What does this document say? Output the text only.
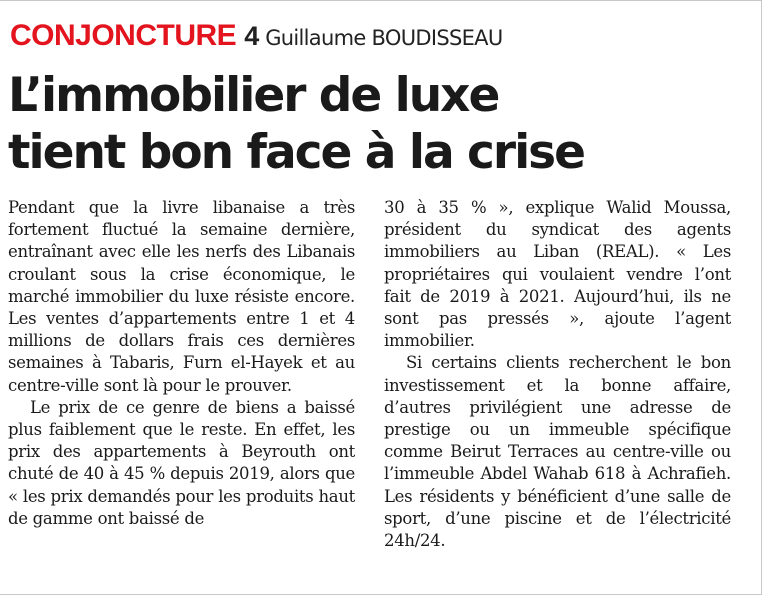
CONJONCTURE 4 Guillaume BOUDISSEAU
L’immobilier de luxe
tient bon face à la crise

Pendant que la livre libanaise a très fortement fluctué la semaine dernière, entraînant avec elle les nerfs des Libanais croulant sous la crise économique, le marché immobilier du luxe résiste encore. Les ventes d’appartements entre 1 et 4 millions de dollars frais ces dernières semaines à Tabaris, Furn el-Hayek et au centre-ville sont là pour le prouver.

Le prix de ce genre de biens a baissé plus faiblement que le reste. En effet, les prix des appartements à Beyrouth ont chuté de 40 à 45 % depuis 2019, alors que « les prix demandés pour les produits haut de gamme ont baissé de

30 à 35 % », explique Walid Moussa, président du syndicat des agents immobiliers au Liban (REAL). « Les propriétaires qui voulaient vendre l’ont fait de 2019 à 2021. Aujourd’hui, ils ne sont pas pressés », ajoute l’agent immobilier.

Si certains clients recherchent le bon investissement et la bonne affaire, d’autres privilégient une adresse de prestige ou un immeuble spécifique comme Beirut Terraces au centre-ville ou l’immeuble Abdel Wahab 618 à Achrafieh. Les résidents y bénéficient d’une salle de sport, d’une piscine et de l’électricité 24h/24.
